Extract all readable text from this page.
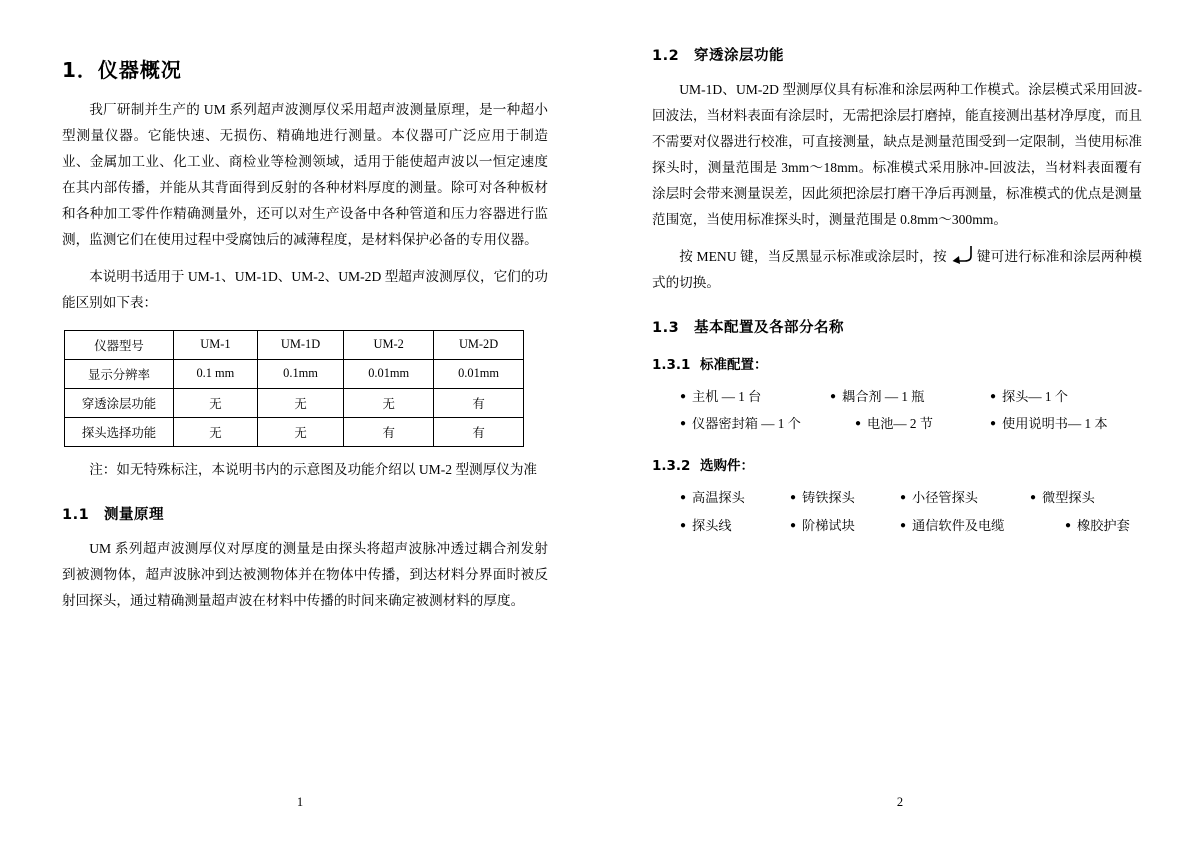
1．仪器概况

我厂研制并生产的 UM 系列超声波测厚仪采用超声波测量原理，是一种超小型测量仪器。它能快速、无损伤、精确地进行测量。本仪器可广泛应用于制造业、金属加工业、化工业、商检业等检测领域，适用于能使超声波以一恒定速度在其内部传播，并能从其背面得到反射的各种材料厚度的测量。除可对各种板材和各种加工零件作精确测量外，还可以对生产设备中各种管道和压力容器进行监测，监测它们在使用过程中受腐蚀后的减薄程度，是材料保护必备的专用仪器。

本说明书适用于 UM-1、UM-1D、UM-2、UM-2D 型超声波测厚仪，它们的功能区别如下表：

仪器型号	UM-1	UM-1D	UM-2	UM-2D
显示分辨率	0.1 mm	0.1mm	0.01mm	0.01mm
穿透涂层功能	无	无	无	有
探头选择功能	无	无	有	有

注：如无特殊标注，本说明书内的示意图及功能介绍以 UM-2 型测厚仪为准

1.1 测量原理

UM 系列超声波测厚仪对厚度的测量是由探头将超声波脉冲透过耦合剂发射到被测物体，超声波脉冲到达被测物体并在物体中传播，到达材料分界面时被反射回探头，通过精确测量超声波在材料中传播的时间来确定被测材料的厚度。

1
1.2 穿透涂层功能

UM-1D、UM-2D 型测厚仪具有标准和涂层两种工作模式。涂层模式采用回波-回波法，当材料表面有涂层时，无需把涂层打磨掉，能直接测出基材净厚度，而且不需要对仪器进行校准，可直接测量，缺点是测量范围受到一定限制，当使用标准探头时，测量范围是 3mm～18mm。标准模式采用脉冲-回波法，当材料表面覆有涂层时会带来测量误差，因此须把涂层打磨干净后再测量，标准模式的优点是测量范围宽，当使用标准探头时，测量范围是 0.8mm～300mm。

按 MENU 键，当反黑显示标准或涂层时，按 键可进行标准和涂层两种模式的切换。

1.3 基本配置及各部分名称
1.3.1 标准配置：
● 主机 — 1 台	● 耦合剂 — 1 瓶	● 探头— 1 个
● 仪器密封箱 — 1 个	● 电池— 2 节	● 使用说明书— 1 本
1.3.2 选购件：
● 高温探头	● 铸铁探头	● 小径管探头	● 微型探头
● 探头线	● 阶梯试块	● 通信软件及电缆	● 橡胶护套
2
